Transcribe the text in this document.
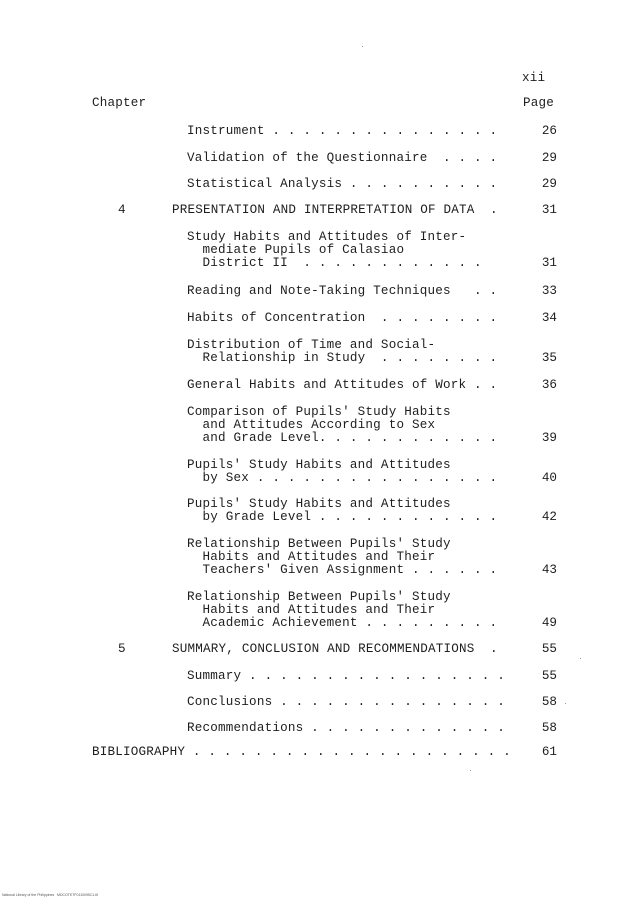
xii
Chapter	Page
Instrument . . . . . . . . . . . . . . .	26
Validation of the Questionnaire  . . . .	29
Statistical Analysis . . . . . . . . . .	29
4	PRESENTATION AND INTERPRETATION OF DATA  .	31
Study Habits and Attitudes of Inter-
mediate Pupils of Calasiao
District II  . . . . . . . . . . . .	31
Reading and Note-Taking Techniques   . .	33
Habits of Concentration  . . . . . . . .	34
Distribution of Time and Social-
Relationship in Study  . . . . . . . .	35
General Habits and Attitudes of Work . .	36
Comparison of Pupils' Study Habits
and Attitudes According to Sex
and Grade Level. . . . . . . . . . . .	39
Pupils' Study Habits and Attitudes
by Sex . . . . . . . . . . . . . . . .	40
Pupils' Study Habits and Attitudes
by Grade Level . . . . . . . . . . . .	42
Relationship Between Pupils' Study
Habits and Attitudes and Their
Teachers' Given Assignment . . . . . .	43
Relationship Between Pupils' Study
Habits and Attitudes and Their
Academic Achievement . . . . . . . . .	49
5	SUMMARY, CONCLUSION AND RECOMMENDATIONS  .	55
Summary . . . . . . . . . . . . . . . . .	55
Conclusions . . . . . . . . . . . . . . .	58
Recommendations . . . . . . . . . . . . .	58
BIBLIOGRAPHY . . . . . . . . . . . . . . . . . . . . .	61
National Library of the Philippines   MDCOTETF0110095C1.tif
